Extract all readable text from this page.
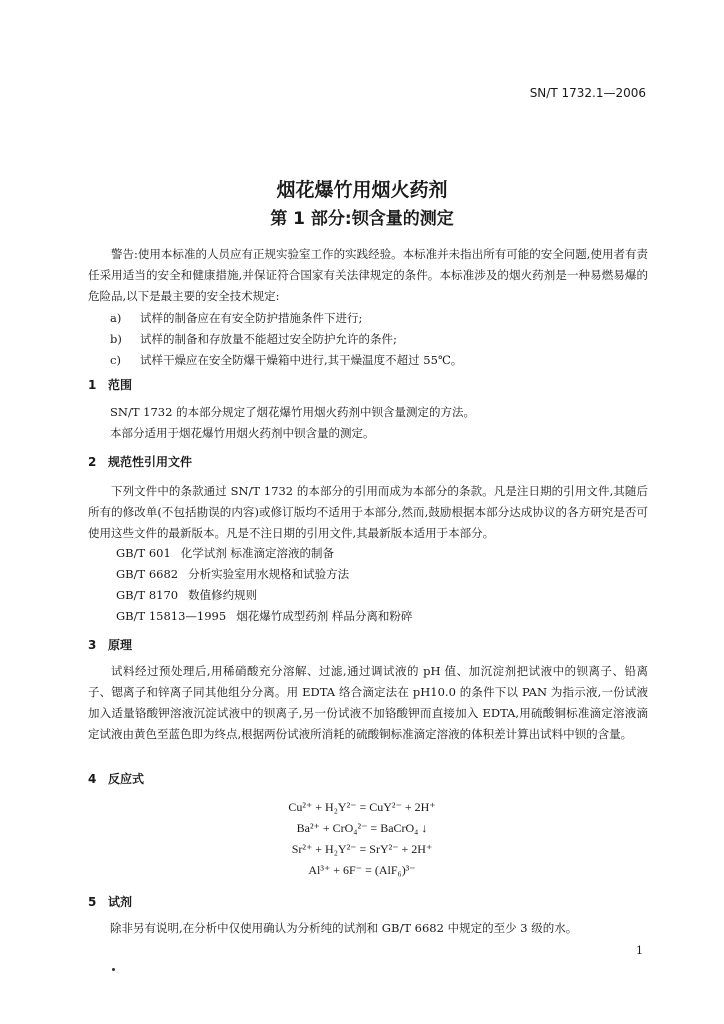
SN/T 1732.1—2006
烟花爆竹用烟火药剂
第 1 部分:钡含量的测定
警告:使用本标准的人员应有正规实验室工作的实践经验。本标准并未指出所有可能的安全问题,使用者有责任采用适当的安全和健康措施,并保证符合国家有关法律规定的条件。本标准涉及的烟火药剂是一种易燃易爆的危险品,以下是最主要的安全技术规定:
a) 试样的制备应在有安全防护措施条件下进行;
b) 试样的制备和存放量不能超过安全防护允许的条件;
c) 试样干燥应在安全防爆干燥箱中进行,其干燥温度不超过 55℃。
1 范围
SN/T 1732 的本部分规定了烟花爆竹用烟火药剂中钡含量测定的方法。
本部分适用于烟花爆竹用烟火药剂中钡含量的测定。
2 规范性引用文件
下列文件中的条款通过 SN/T 1732 的本部分的引用而成为本部分的条款。凡是注日期的引用文件,其随后所有的修改单(不包括勘误的内容)或修订版均不适用于本部分,然而,鼓励根据本部分达成协议的各方研究是否可使用这些文件的最新版本。凡是不注日期的引用文件,其最新版本适用于本部分。
GB/T 601 化学试剂 标准滴定溶液的制备
GB/T 6682 分析实验室用水规格和试验方法
GB/T 8170 数值修约规则
GB/T 15813—1995 烟花爆竹成型药剂 样品分离和粉碎
3 原理
试料经过预处理后,用稀硝酸充分溶解、过滤,通过调试液的 pH 值、加沉淀剂把试液中的钡离子、铅离子、锶离子和锌离子同其他组分分离。用 EDTA 络合滴定法在 pH10.0 的条件下以 PAN 为指示液,一份试液加入适量铬酸钾溶液沉淀试液中的钡离子,另一份试液不加铬酸钾而直接加入 EDTA,用硫酸铜标准滴定溶液滴定试液由黄色至蓝色即为终点,根据两份试液所消耗的硫酸铜标准滴定溶液的体积差计算出试料中钡的含量。
4 反应式
Cu²⁺ + H₂Y²⁻ = CuY²⁻ + 2H⁺
Ba²⁺ + CrO₄²⁻ = BaCrO₄ ↓
Sr²⁺ + H₂Y²⁻ = SrY²⁻ + 2H⁺
Al³⁺ + 6F⁻ = (AlF₆)³⁻
5 试剂
除非另有说明,在分析中仅使用确认为分析纯的试剂和 GB/T 6682 中规定的至少 3 级的水。
1
